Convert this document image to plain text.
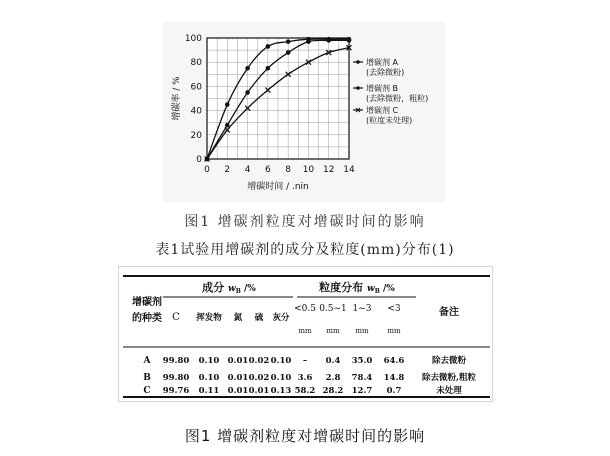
0 2 4 6 8 10 12 14
0
20
40
60
80
100
增碳时间 / .nin
增碳率 / %
增碳剂 A
(去除微粉)
增碳剂 B
(去除微粉，粗粒)
增碳剂 C
(粒度未处理)

图1 增碳剂粒度对增碳时间的影响

表1试验用增碳剂的成分及粒度(mm)分布(1)

增碳剂
的种类
成分 wB /%	粒度分布 wB /%
备注
C 挥发物 氮 硫 灰分
<0.5 0.5~1 1~3 <3
mm mm mm	mm
A 99.80 0.10 0.01 0.02 0.10 – 0.4 35.0 64.6	除去微粉
B 99.80 0.10 0.01 0.02 0.10 3.6 2.8 78.4 14.8 除去微粉,粗粒
C 99.76 0.11 0.01 0.01 0.13 58.2 28.2 12.7 0.7	未处理

图1 增碳剂粒度对增碳时间的影响
